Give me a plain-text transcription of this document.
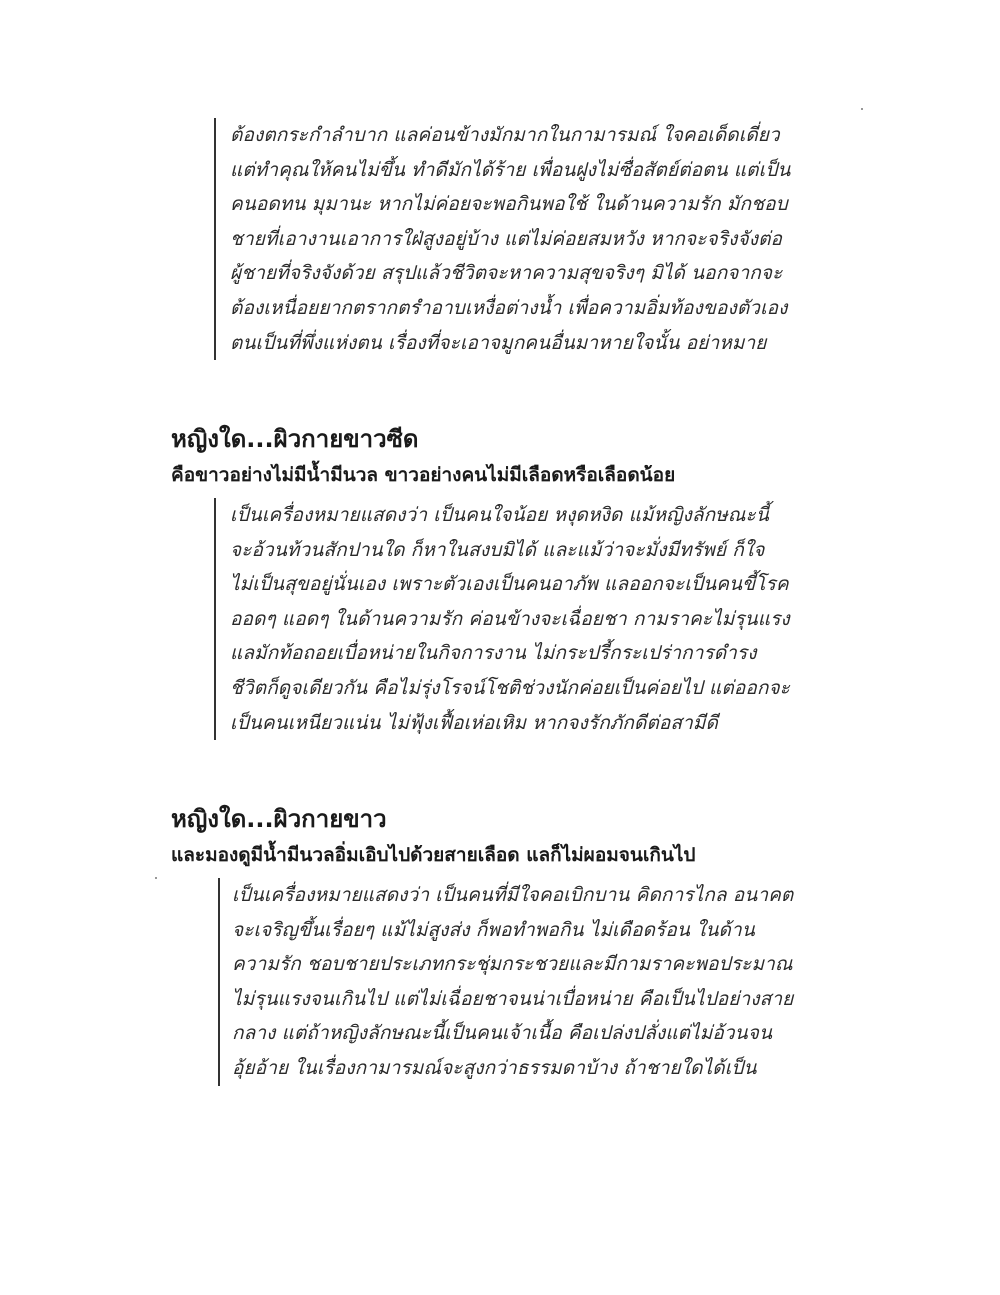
ต้องตกระกำลำบาก แลค่อนข้างมักมากในกามารมณ์ ใจคอเด็ดเดี่ยว
แต่ทำคุณให้คนไม่ขึ้น ทำดีมักได้ร้าย เพื่อนฝูงไม่ซื่อสัตย์ต่อตน แต่เป็น
คนอดทน มุมานะ หากไม่ค่อยจะพอกินพอใช้ ในด้านความรัก มักชอบ
ชายที่เอางานเอาการใฝ่สูงอยู่บ้าง แต่ไม่ค่อยสมหวัง หากจะจริงจังต่อ
ผู้ชายที่จริงจังด้วย สรุปแล้วชีวิตจะหาความสุขจริงๆ มิได้ นอกจากจะ
ต้องเหนื่อยยากตรากตรำอาบเหงื่อต่างน้ำ เพื่อความอิ่มท้องของตัวเอง
ตนเป็นที่พึ่งแห่งตน เรื่องที่จะเอาจมูกคนอื่นมาหายใจนั้น อย่าหมาย
หญิงใด...ผิวกายขาวซีด
คือขาวอย่างไม่มีน้ำมีนวล ขาวอย่างคนไม่มีเลือดหรือเลือดน้อย
เป็นเครื่องหมายแสดงว่า เป็นคนใจน้อย หงุดหงิด แม้หญิงลักษณะนี้
จะอ้วนท้วนสักปานใด ก็หาในสงบมิได้ และแม้ว่าจะมั่งมีทรัพย์ ก็ใจ
ไม่เป็นสุขอยู่นั่นเอง เพราะตัวเองเป็นคนอาภัพ แลออกจะเป็นคนขี้โรค
ออดๆ แอดๆ ในด้านความรัก ค่อนข้างจะเฉื่อยชา กามราคะไม่รุนแรง
แลมักท้อถอยเบื่อหน่ายในกิจการงาน ไม่กระปรี้กระเปร่าการดำรง
ชีวิตก็ดูจเดียวกัน คือไม่รุ่งโรจน์โชติช่วงนักค่อยเป็นค่อยไป แต่ออกจะ
เป็นคนเหนียวแน่น ไม่ฟุ้งเฟื้อเห่อเหิม หากจงรักภักดีต่อสามีดี
หญิงใด...ผิวกายขาว
และมองดูมีน้ำมีนวลอิ่มเอิบไปด้วยสายเลือด แลก็ไม่ผอมจนเกินไป
เป็นเครื่องหมายแสดงว่า เป็นคนที่มีใจคอเบิกบาน คิดการไกล อนาคต
จะเจริญขึ้นเรื่อยๆ แม้ไม่สูงส่ง ก็พอทำพอกิน ไม่เดือดร้อน ในด้าน
ความรัก ชอบชายประเภทกระชุ่มกระชวยและมีกามราคะพอประมาณ
ไม่รุนแรงจนเกินไป แต่ไม่เฉื่อยชาจนน่าเบื่อหน่าย คือเป็นไปอย่างสาย
กลาง แต่ถ้าหญิงลักษณะนี้เป็นคนเจ้าเนื้อ คือเปล่งปลั่งแต่ไม่อ้วนจน
อุ้ยอ้าย ในเรื่องกามารมณ์จะสูงกว่าธรรมดาบ้าง ถ้าชายใดได้เป็น
